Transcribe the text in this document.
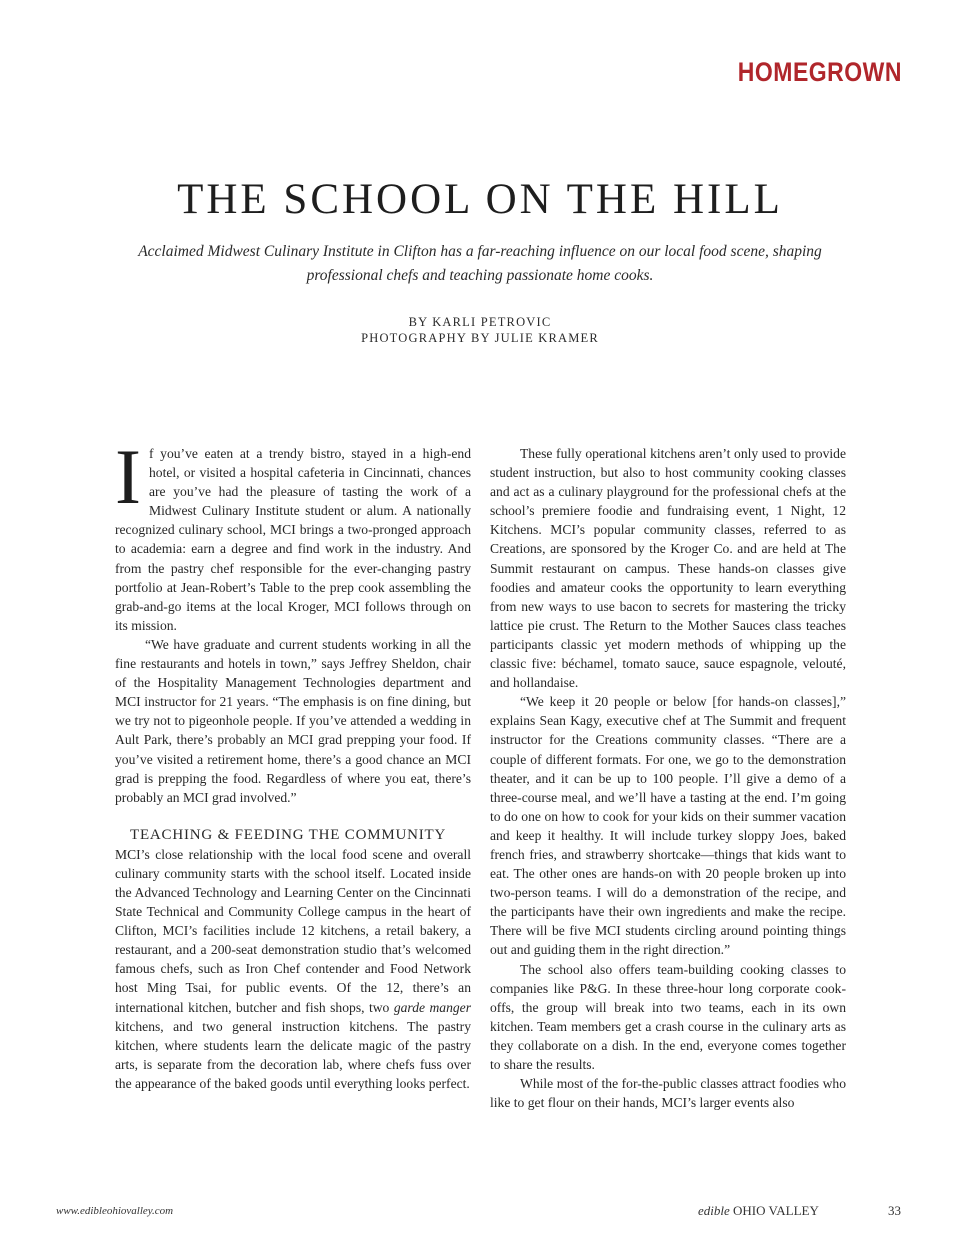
HOMEGROWN
THE SCHOOL ON THE HILL

Acclaimed Midwest Culinary Institute in Clifton has a far-reaching influence on our local food scene, shaping professional chefs and teaching passionate home cooks.

BY KARLI PETROVIC
PHOTOGRAPHY BY JULIE KRAMER

If you’ve eaten at a trendy bistro, stayed in a high-end hotel, or visited a hospital cafeteria in Cincinnati, chances are you’ve had the pleasure of tasting the work of a Midwest Culinary Institute student or alum. A nationally recognized culinary school, MCI brings a two-pronged approach to academia: earn a degree and find work in the industry. And from the pastry chef responsible for the ever-changing pastry portfolio at Jean-Robert’s Table to the prep cook assembling the grab-and-go items at the local Kroger, MCI follows through on its mission.

“We have graduate and current students working in all the fine restaurants and hotels in town,” says Jeffrey Sheldon, chair of the Hospitality Management Technologies department and MCI instructor for 21 years. “The emphasis is on fine dining, but we try not to pigeonhole people. If you’ve attended a wedding in Ault Park, there’s probably an MCI grad prepping your food. If you’ve visited a retirement home, there’s a good chance an MCI grad is prepping the food. Regardless of where you eat, there’s probably an MCI grad involved.”

TEACHING & FEEDING THE COMMUNITY

MCI’s close relationship with the local food scene and overall culinary community starts with the school itself. Located inside the Advanced Technology and Learning Center on the Cincinnati State Technical and Community College campus in the heart of Clifton, MCI’s facilities include 12 kitchens, a retail bakery, a restaurant, and a 200-seat demonstration studio that’s welcomed famous chefs, such as Iron Chef contender and Food Network host Ming Tsai, for public events. Of the 12, there’s an international kitchen, butcher and fish shops, two garde manger kitchens, and two general instruction kitchens. The pastry kitchen, where students learn the delicate magic of the pastry arts, is separate from the decoration lab, where chefs fuss over the appearance of the baked goods until everything looks perfect.

These fully operational kitchens aren’t only used to provide student instruction, but also to host community cooking classes and act as a culinary playground for the professional chefs at the school’s premiere foodie and fundraising event, 1 Night, 12 Kitchens. MCI’s popular community classes, referred to as Creations, are sponsored by the Kroger Co. and are held at The Summit restaurant on campus. These hands-on classes give foodies and amateur cooks the opportunity to learn everything from new ways to use bacon to secrets for mastering the tricky lattice pie crust. The Return to the Mother Sauces class teaches participants classic yet modern methods of whipping up the classic five: béchamel, tomato sauce, sauce espagnole, velouté, and hollandaise.

“We keep it 20 people or below [for hands-on classes],” explains Sean Kagy, executive chef at The Summit and frequent instructor for the Creations community classes. “There are a couple of different formats. For one, we go to the demonstration theater, and it can be up to 100 people. I’ll give a demo of a three-course meal, and we’ll have a tasting at the end. I’m going to do one on how to cook for your kids on their summer vacation and keep it healthy. It will include turkey sloppy Joes, baked french fries, and strawberry shortcake—things that kids want to eat. The other ones are hands-on with 20 people broken up into two-person teams. I will do a demonstration of the recipe, and the participants have their own ingredients and make the recipe. There will be five MCI students circling around pointing things out and guiding them in the right direction.”

The school also offers team-building cooking classes to companies like P&G. In these three-hour long corporate cook-offs, the group will break into two teams, each in its own kitchen. Team members get a crash course in the culinary arts as they collaborate on a dish. In the end, everyone comes together to share the results.

While most of the for-the-public classes attract foodies who like to get flour on their hands, MCI’s larger events also

www.edibleohiovalley.com	edible OHIO VALLEY	33
